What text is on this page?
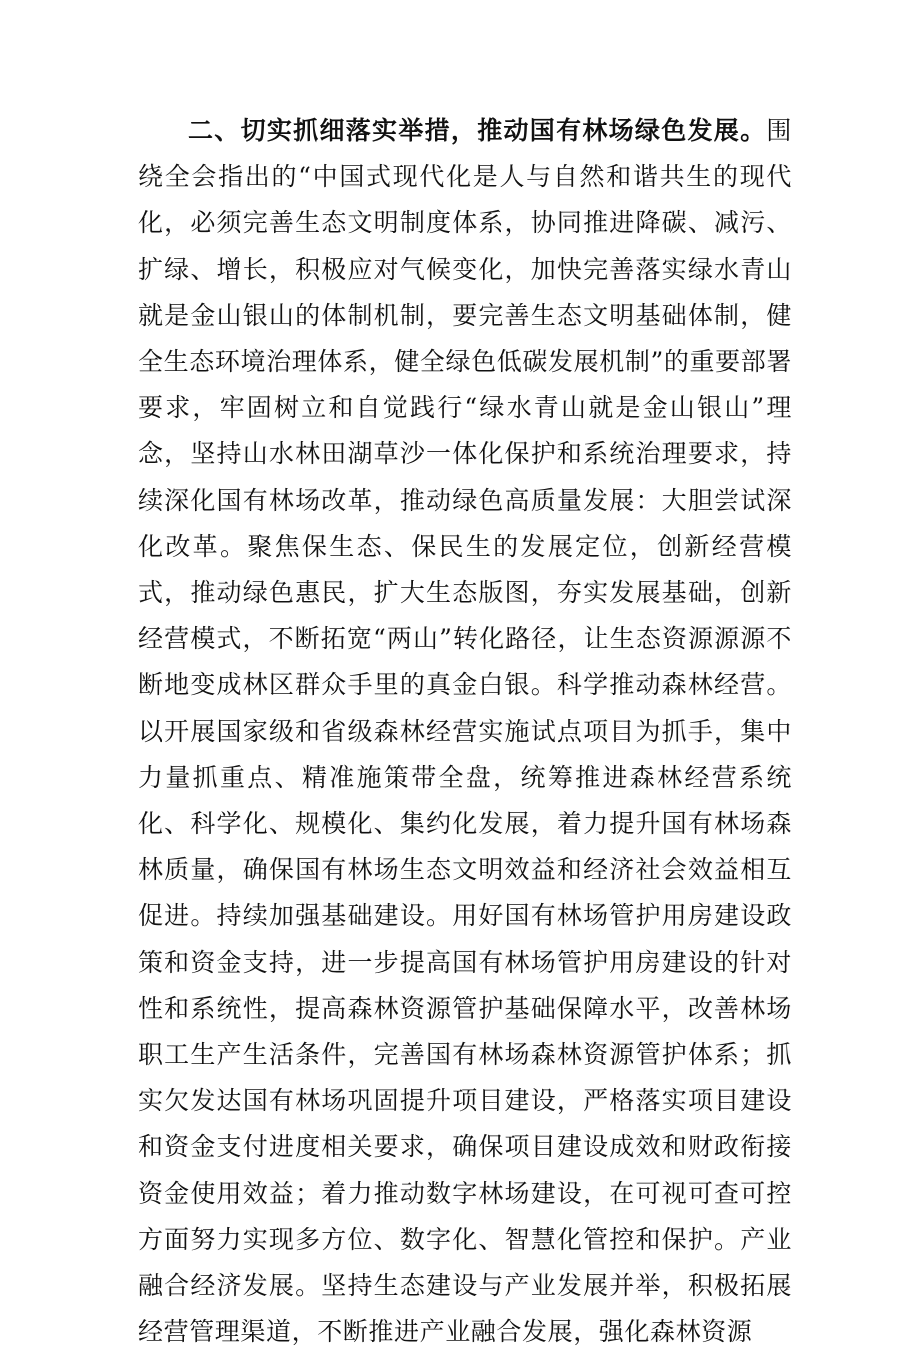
二、切实抓细落实举措，推动国有林场绿色发展。围绕全会指出的“中国式现代化是人与自然和谐共生的现代化，必须完善生态文明制度体系，协同推进降碳、减污、扩绿、增长，积极应对气候变化，加快完善落实绿水青山就是金山银山的体制机制，要完善生态文明基础体制，健全生态环境治理体系，健全绿色低碳发展机制”的重要部署要求，牢固树立和自觉践行“绿水青山就是金山银山”理念，坚持山水林田湖草沙一体化保护和系统治理要求，持续深化国有林场改革，推动绿色高质量发展：大胆尝试深化改革。聚焦保生态、保民生的发展定位，创新经营模式，推动绿色惠民，扩大生态版图，夯实发展基础，创新经营模式，不断拓宽“两山”转化路径，让生态资源源源不断地变成林区群众手里的真金白银。科学推动森林经营。以开展国家级和省级森林经营实施试点项目为抓手，集中力量抓重点、精准施策带全盘，统筹推进森林经营系统化、科学化、规模化、集约化发展，着力提升国有林场森林质量，确保国有林场生态文明效益和经济社会效益相互促进。持续加强基础建设。用好国有林场管护用房建设政策和资金支持，进一步提高国有林场管护用房建设的针对性和系统性，提高森林资源管护基础保障水平，改善林场职工生产生活条件，完善国有林场森林资源管护体系；抓实欠发达国有林场巩固提升项目建设，严格落实项目建设和资金支付进度相关要求，确保项目建设成效和财政衔接资金使用效益；着力推动数字林场建设，在可视可查可控方面努力实现多方位、数字化、智慧化管控和保护。产业融合经济发展。坚持生态建设与产业发展并举，积极拓展经营管理渠道，不断推进产业融合发展，强化森林资源
